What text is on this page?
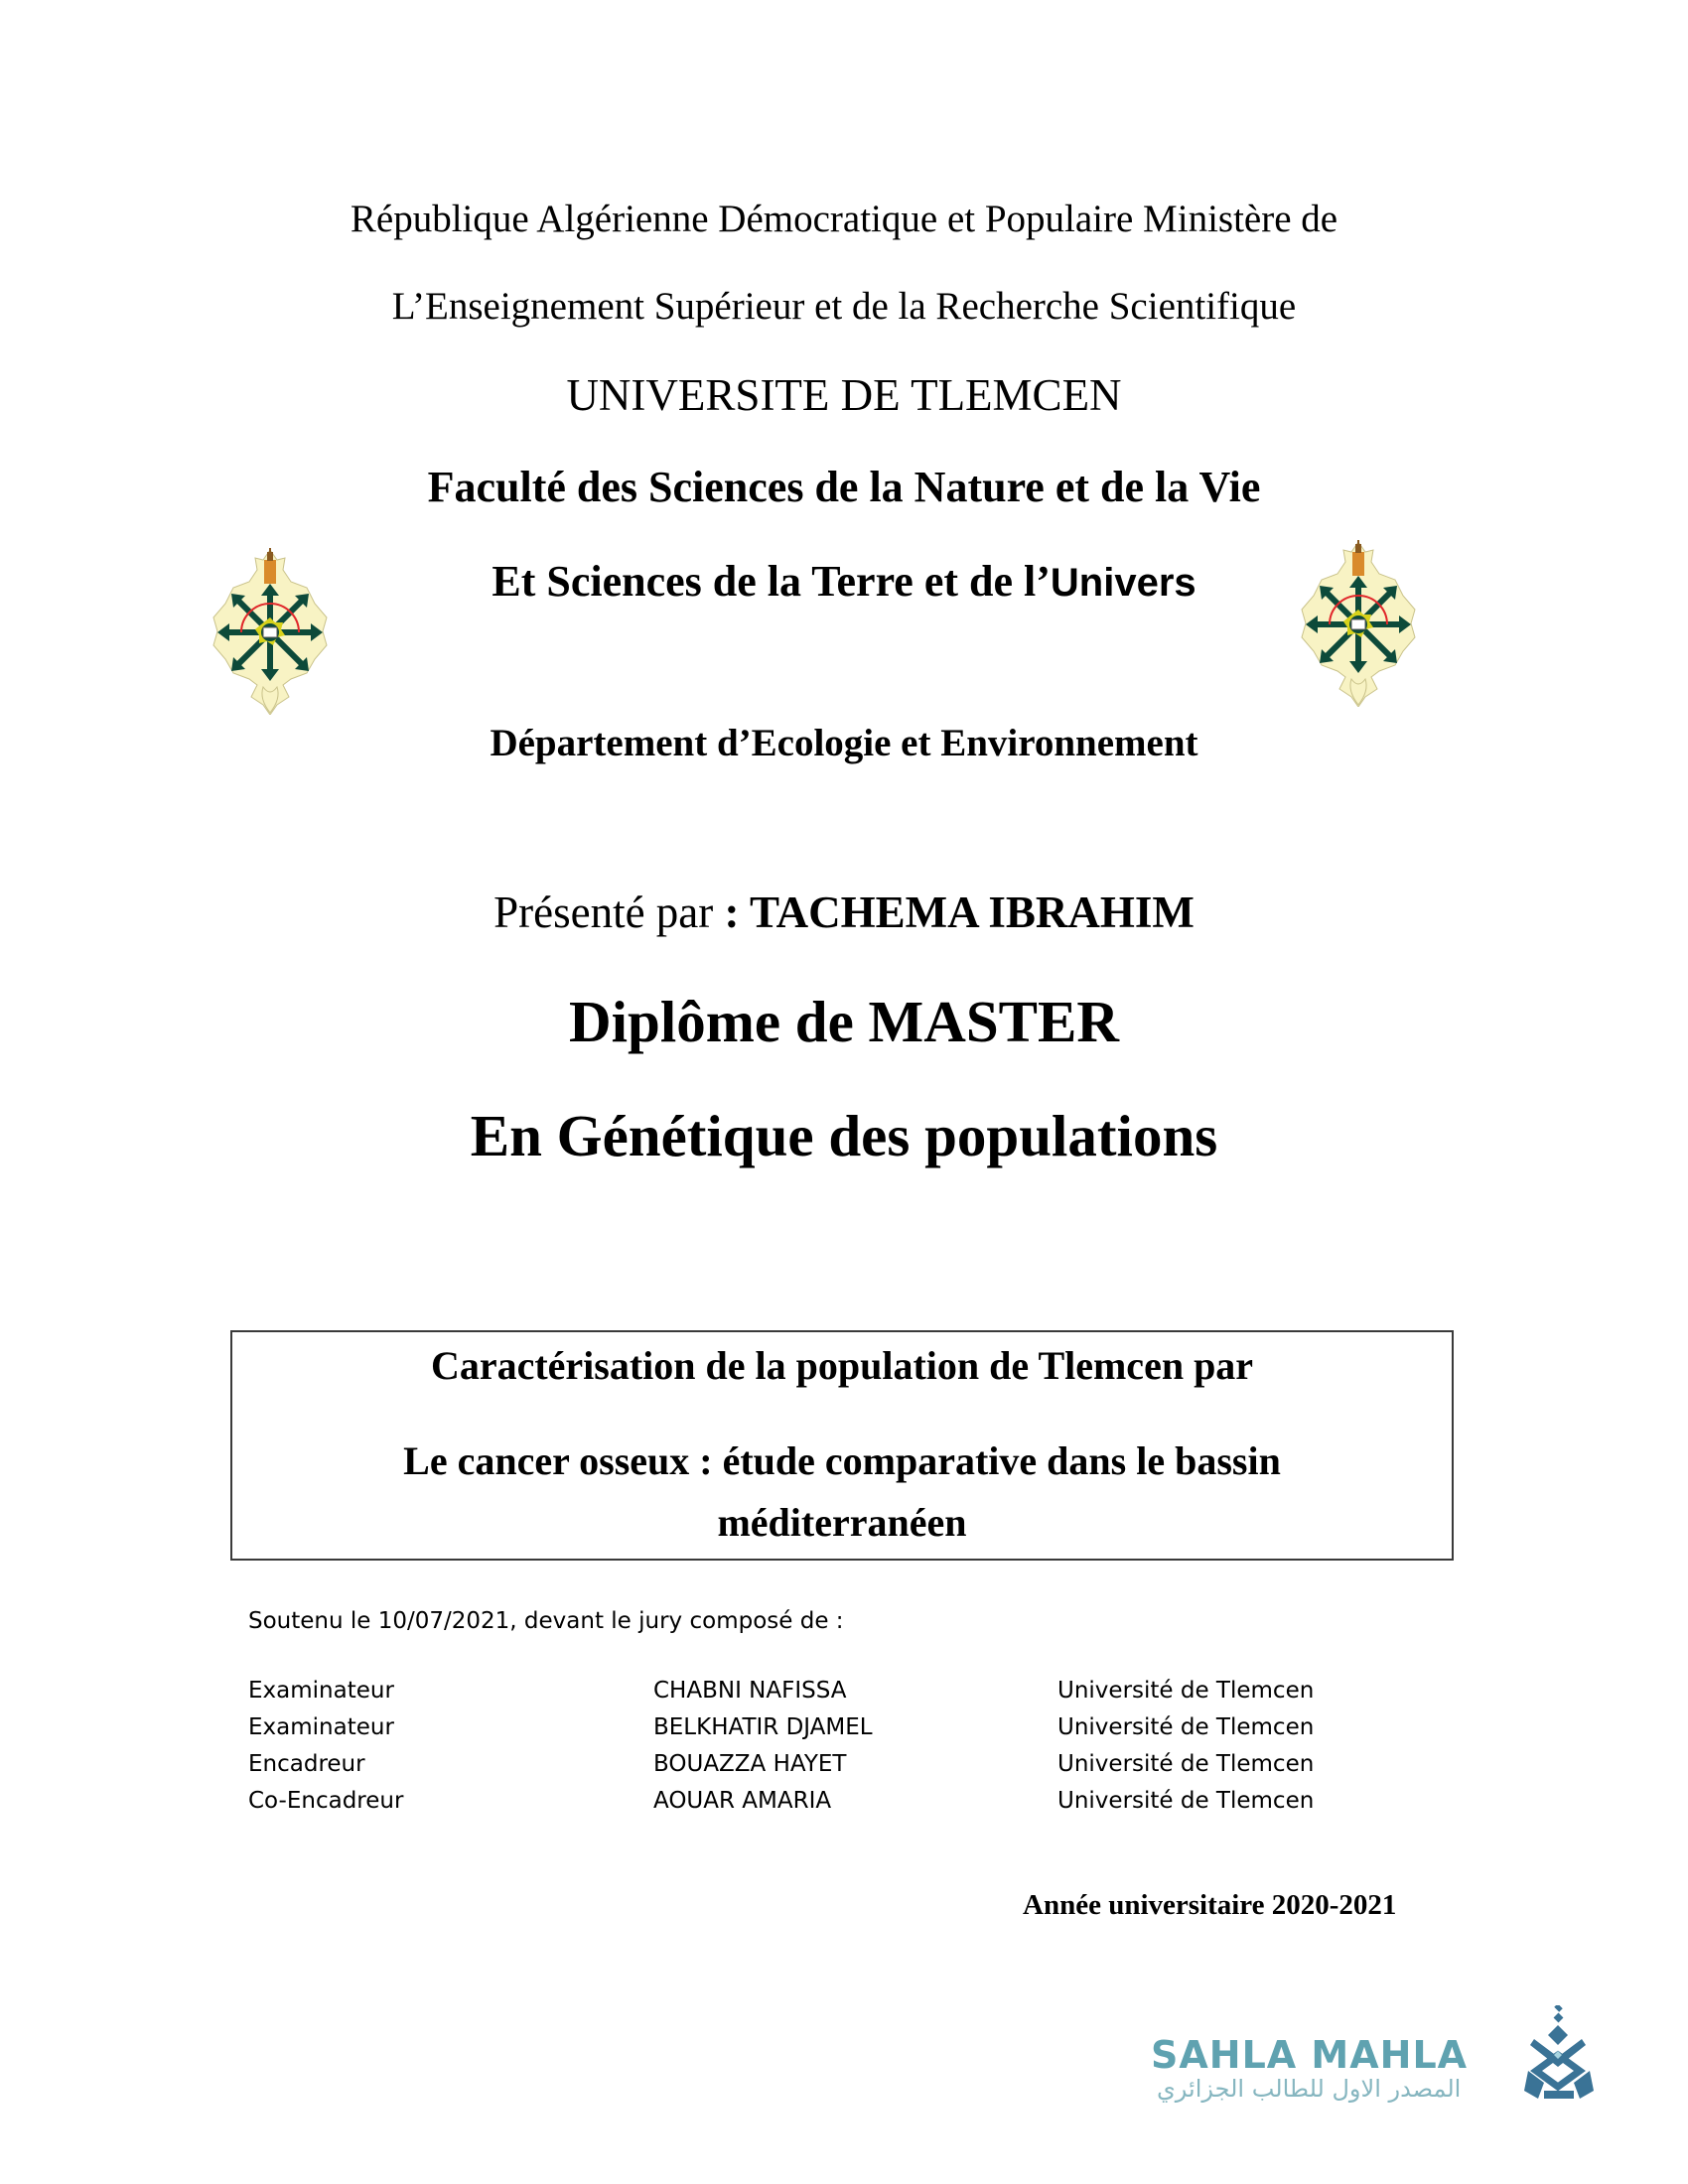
République Algérienne Démocratique et Populaire Ministère de
L’Enseignement Supérieur et de la Recherche Scientifique
UNIVERSITE DE TLEMCEN
Faculté des Sciences de la Nature et de la Vie
Et Sciences de la Terre et de l’Univers
Département d’Ecologie et Environnement
Présenté par : TACHEMA IBRAHIM
Diplôme de MASTER
En Génétique des populations
Caractérisation de la population de Tlemcen par
Le cancer osseux : étude comparative dans le bassin
méditerranéen
Soutenu le 10/07/2021, devant le jury composé de :
Examinateur	CHABNI NAFISSA	Université de Tlemcen
Examinateur	BELKHATIR DJAMEL	Université de Tlemcen
Encadreur	BOUAZZA HAYET	Université de Tlemcen
Co-Encadreur	AOUAR AMARIA	Université de Tlemcen
Année universitaire 2020-2021
SAHLA MAHLA
المصدر الاول للطالب الجزائري
